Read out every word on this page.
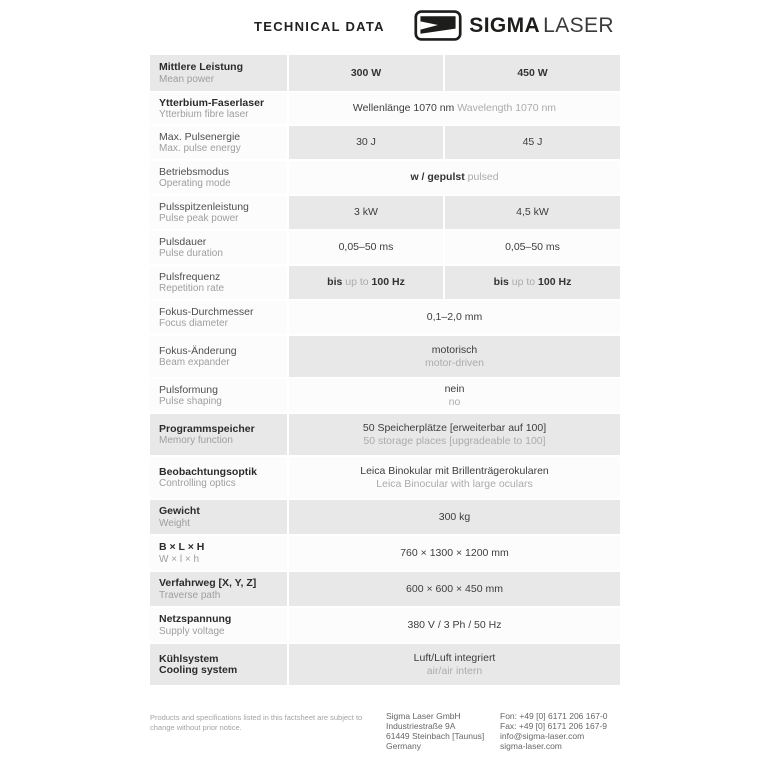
TECHNICAL DATA	SIGMA LASER
Mittlere Leistung
Mean power
300 W	450 W
Ytterbium-Faserlaser
Ytterbium fibre laser
Wellenlänge 1070 nm Wavelength 1070 nm
Max. Pulsenergie
Max. pulse energy
30 J	45 J
Betriebsmodus
Operating mode
w / gepulst pulsed
Pulsspitzenleistung
Pulse peak power
3 kW	4,5 kW
Pulsdauer
Pulse duration
0,05–50 ms	0,05–50 ms
Pulsfrequenz
Repetition rate
bis up to 100 Hz	bis up to 100 Hz
Fokus-Durchmesser
Focus diameter
0,1–2,0 mm
Fokus-Änderung
Beam expander
motorisch
motor-driven
Pulsformung
Pulse shaping
nein
no
Programmspeicher
Memory function
50 Speicherplätze [erweiterbar auf 100]
50 storage places [upgradeable to 100]
Beobachtungsoptik
Controlling optics
Leica Binokular mit Brillenträgerokularen
Leica Binocular with large oculars
Gewicht
Weight
300 kg
B × L × H
W × l × h
760 × 1300 × 1200 mm
Verfahrweg [X, Y, Z]
Traverse path
600 × 600 × 450 mm
Netzspannung
Supply voltage
380 V / 3 Ph / 50 Hz
Kühlsystem
Cooling system
Luft/Luft integriert
air/air intern
Products and specifications listed in this factsheet are subject to change without prior notice.
Sigma Laser GmbH
Industriestraße 9A
61449 Steinbach [Taunus]
Germany
Fon: +49 [0] 6171 206 167-0
Fax: +49 [0] 6171 206 167-9
info@sigma-laser.com
sigma-laser.com
